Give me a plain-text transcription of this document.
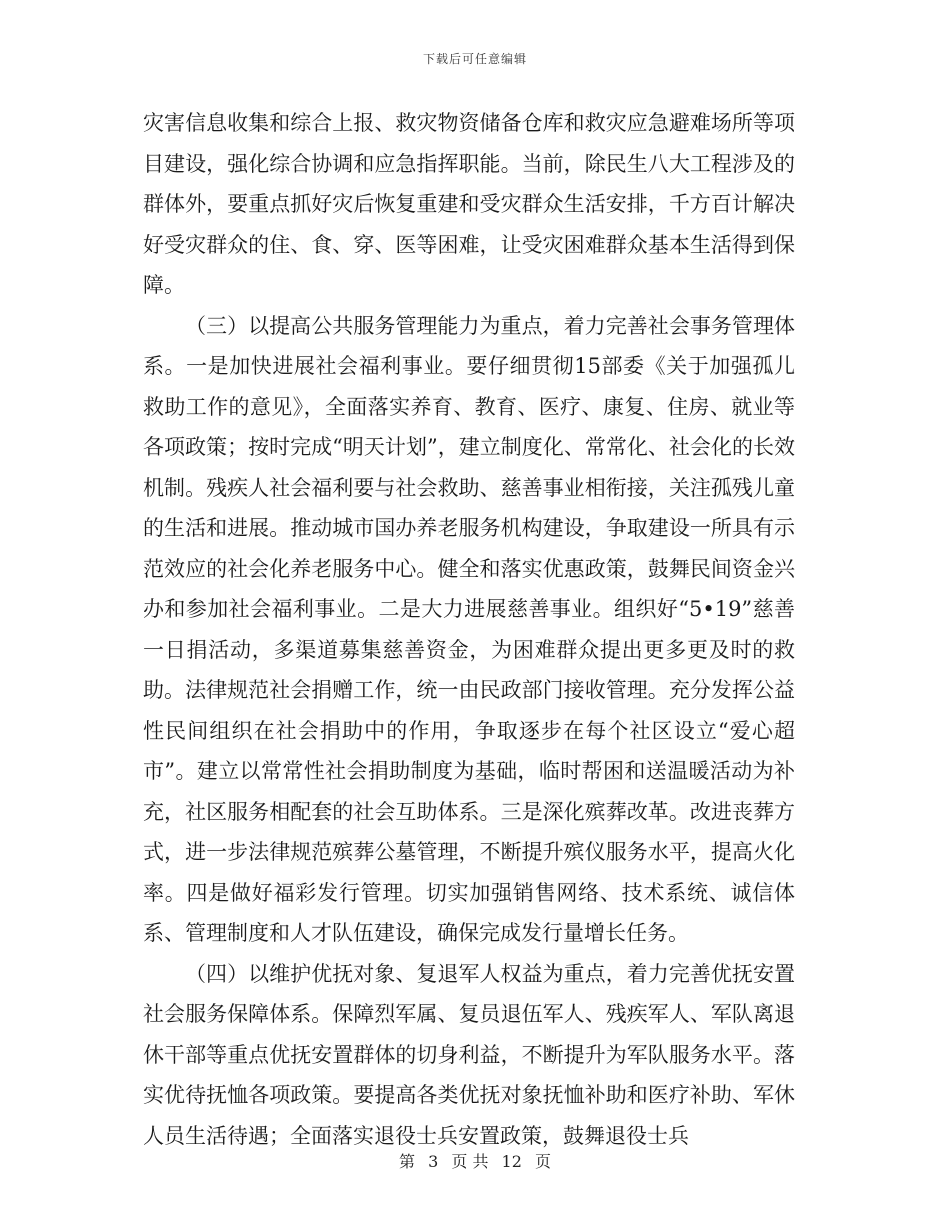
下载后可任意编辑

灾害信息收集和综合上报、救灾物资储备仓库和救灾应急避难场所等项目建设，强化综合协调和应急指挥职能。当前，除民生八大工程涉及的群体外，要重点抓好灾后恢复重建和受灾群众生活安排，千方百计解决好受灾群众的住、食、穿、医等困难，让受灾困难群众基本生活得到保障。

（三）以提高公共服务管理能力为重点，着力完善社会事务管理体系。一是加快进展社会福利事业。要仔细贯彻15部委《关于加强孤儿救助工作的意见》，全面落实养育、教育、医疗、康复、住房、就业等各项政策；按时完成“明天计划”，建立制度化、常常化、社会化的长效机制。残疾人社会福利要与社会救助、慈善事业相衔接，关注孤残儿童的生活和进展。推动城市国办养老服务机构建设，争取建设一所具有示范效应的社会化养老服务中心。健全和落实优惠政策，鼓舞民间资金兴办和参加社会福利事业。二是大力进展慈善事业。组织好“5•19”慈善一日捐活动，多渠道募集慈善资金，为困难群众提出更多更及时的救助。法律规范社会捐赠工作，统一由民政部门接收管理。充分发挥公益性民间组织在社会捐助中的作用，争取逐步在每个社区设立“爱心超市”。建立以常常性社会捐助制度为基础，临时帮困和送温暖活动为补充，社区服务相配套的社会互助体系。三是深化殡葬改革。改进丧葬方式，进一步法律规范殡葬公墓管理，不断提升殡仪服务水平，提高火化率。四是做好福彩发行管理。切实加强销售网络、技术系统、诚信体系、管理制度和人才队伍建设，确保完成发行量增长任务。

（四）以维护优抚对象、复退军人权益为重点，着力完善优抚安置社会服务保障体系。保障烈军属、复员退伍军人、残疾军人、军队离退休干部等重点优抚安置群体的切身利益，不断提升为军队服务水平。落实优待抚恤各项政策。要提高各类优抚对象抚恤补助和医疗补助、军休人员生活待遇；全面落实退役士兵安置政策，鼓舞退役士兵

第 3 页 共 12 页
